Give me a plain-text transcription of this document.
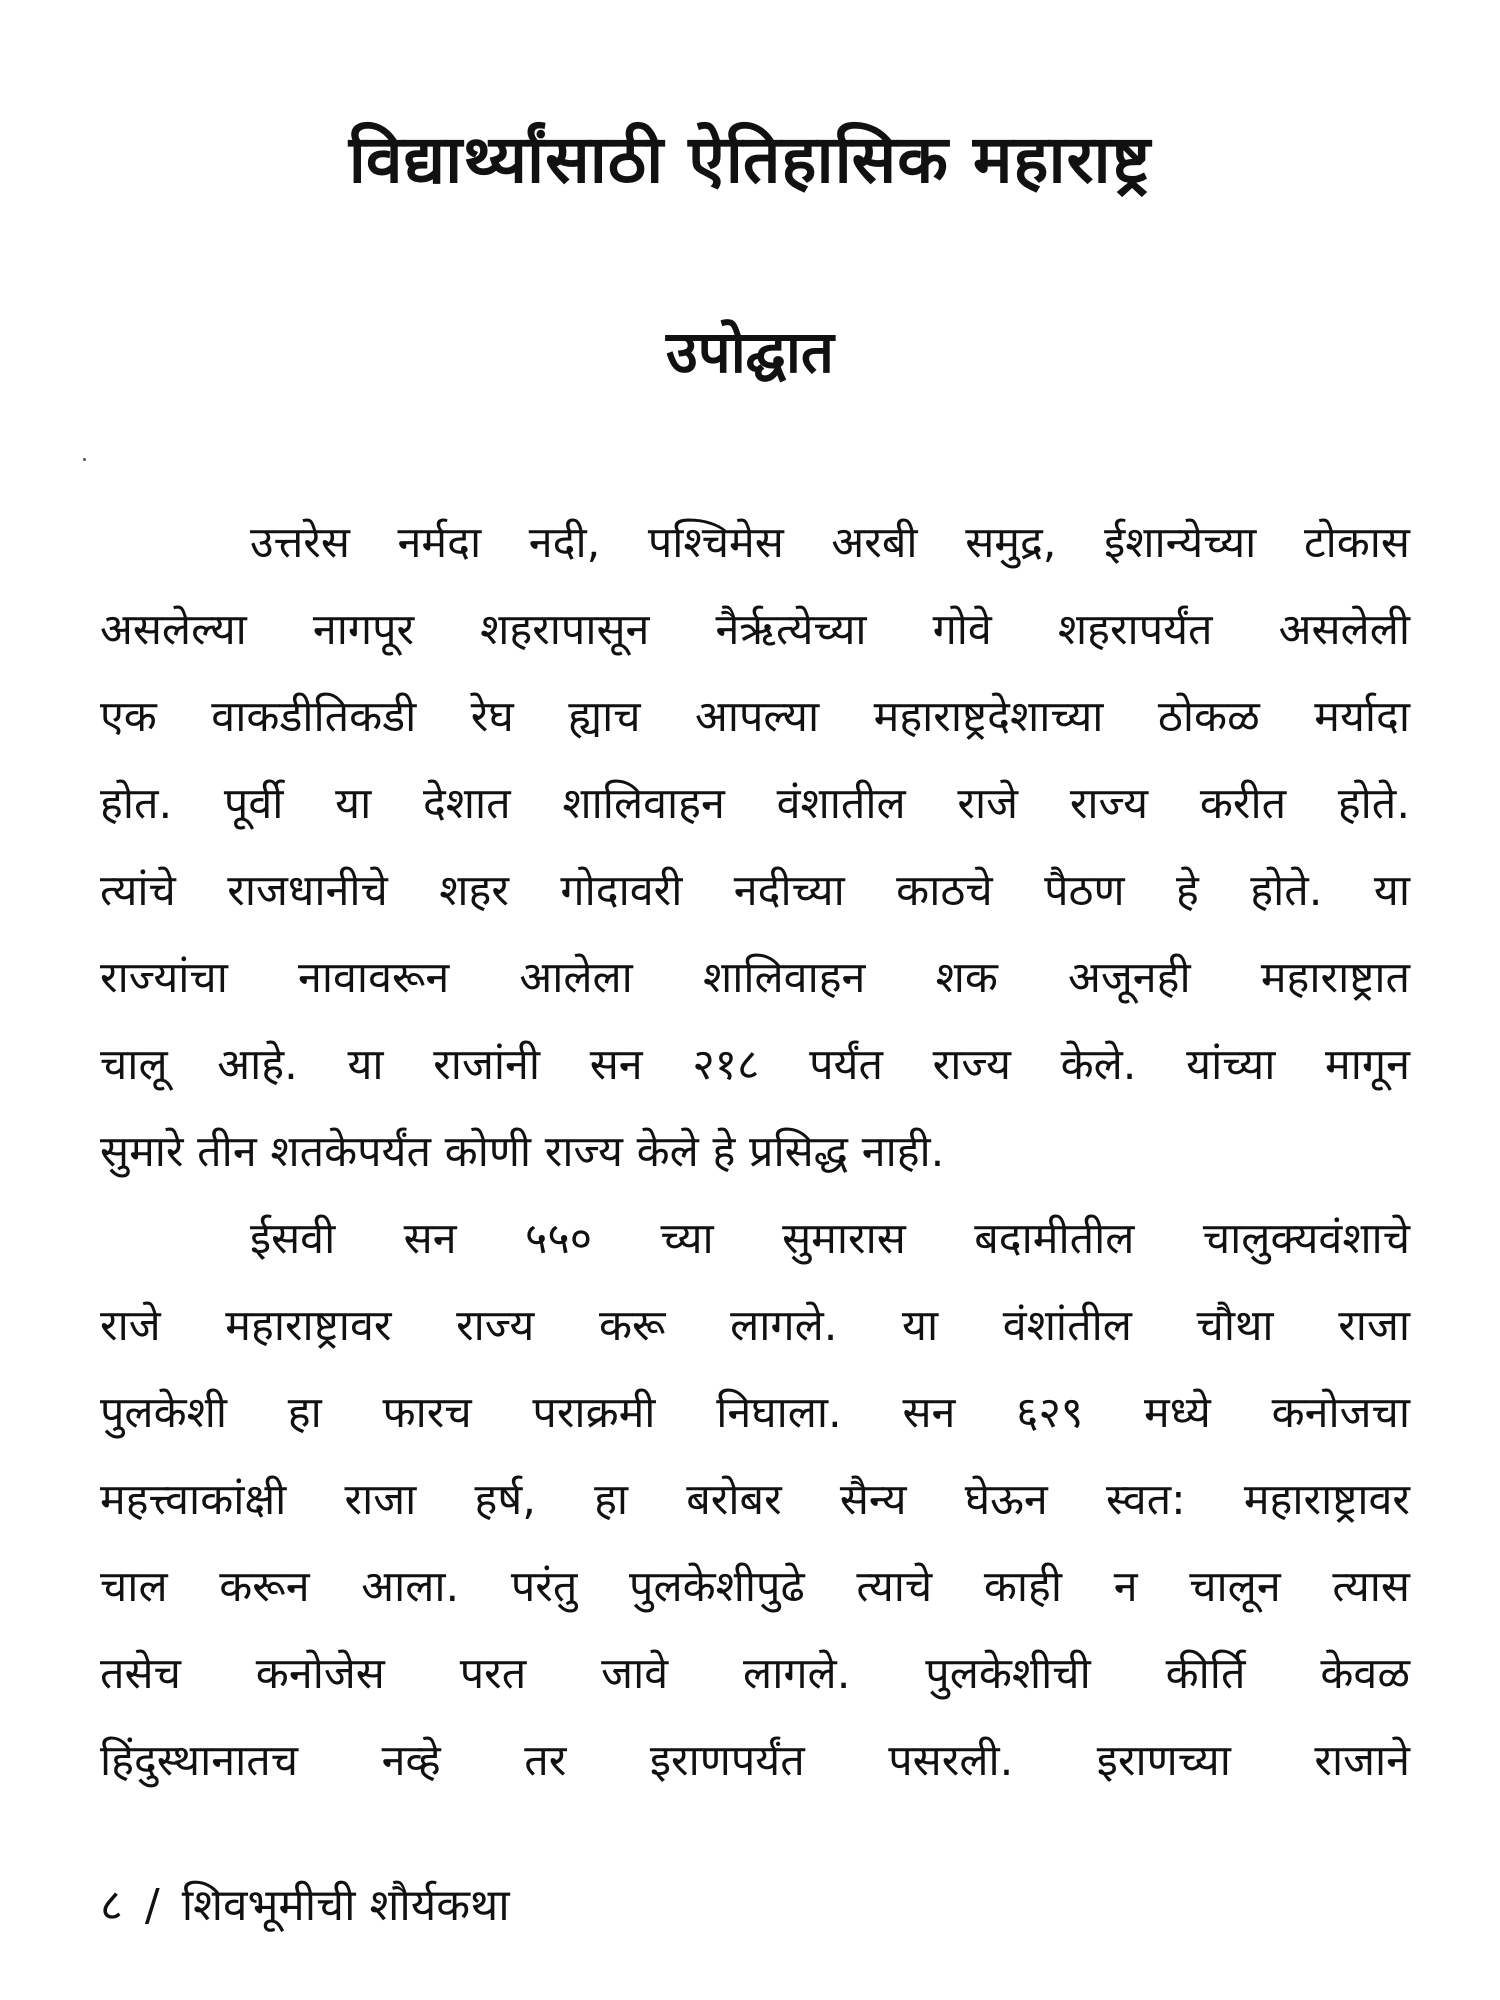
विद्यार्थ्यांसाठी ऐतिहासिक महाराष्ट्र
उपोद्घात
उत्तरेस नर्मदा नदी, पश्चिमेस अरबी समुद्र, ईशान्येच्या टोकास
असलेल्या नागपूर शहरापासून नैर्ऋत्येच्या गोवे शहरापर्यंत असलेली
एक वाकडीतिकडी रेघ ह्याच आपल्या महाराष्ट्रदेशाच्या ठोकळ मर्यादा
होत. पूर्वी या देशात शालिवाहन वंशातील राजे राज्य करीत होते.
त्यांचे राजधानीचे शहर गोदावरी नदीच्या काठचे पैठण हे होते. या
राज्यांचा नावावरून आलेला शालिवाहन शक अजूनही महाराष्ट्रात
चालू आहे. या राजांनी सन २१८ पर्यंत राज्य केले. यांच्या मागून
सुमारे तीन शतकेपर्यंत कोणी राज्य केले हे प्रसिद्ध नाही.
ईसवी सन ५५० च्या सुमारास बदामीतील चालुक्यवंशाचे
राजे महाराष्ट्रावर राज्य करू लागले. या वंशांतील चौथा राजा
पुलकेशी हा फारच पराक्रमी निघाला. सन ६२९ मध्ये कनोजचा
महत्त्वाकांक्षी राजा हर्ष, हा बरोबर सैन्य घेऊन स्वत: महाराष्ट्रावर
चाल करून आला. परंतु पुलकेशीपुढे त्याचे काही न चालून त्यास
तसेच कनोजेस परत जावे लागले. पुलकेशीची कीर्ति केवळ
हिंदुस्थानातच नव्हे तर इराणपर्यंत पसरली. इराणच्या राजाने
८ / शिवभूमीची शौर्यकथा
